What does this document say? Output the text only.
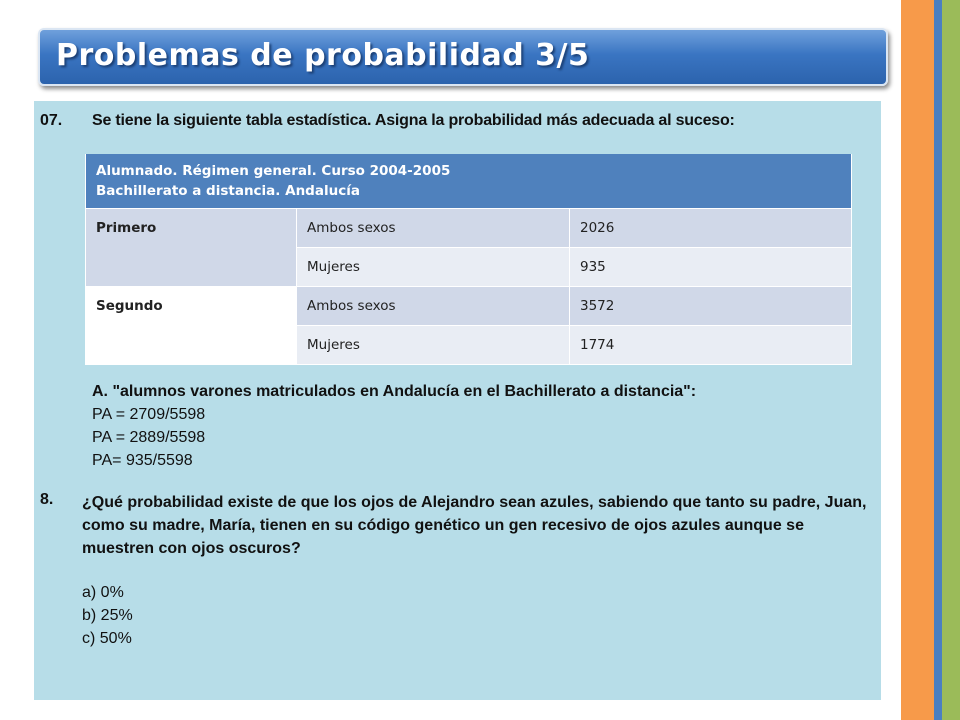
Problemas de probabilidad 3/5
07. Se tiene la siguiente tabla estadística. Asigna la probabilidad más adecuada al suceso:
Alumnado. Régimen general. Curso 2004-2005
Bachillerato a distancia. Andalucía		

Primero	Ambos sexos	2026
	Mujeres	935
Segundo	Ambos sexos	3572
	Mujeres	1774
A. "alumnos varones matriculados en Andalucía en el Bachillerato a distancia":
PA = 2709/5598
PA = 2889/5598
PA= 935/5598
8. ¿Qué probabilidad existe de que los ojos de Alejandro sean azules, sabiendo que tanto su padre, Juan, como su madre, María, tienen en su código genético un gen recesivo de ojos azules aunque se muestren con ojos oscuros?
a) 0%
b) 25%
c) 50%
